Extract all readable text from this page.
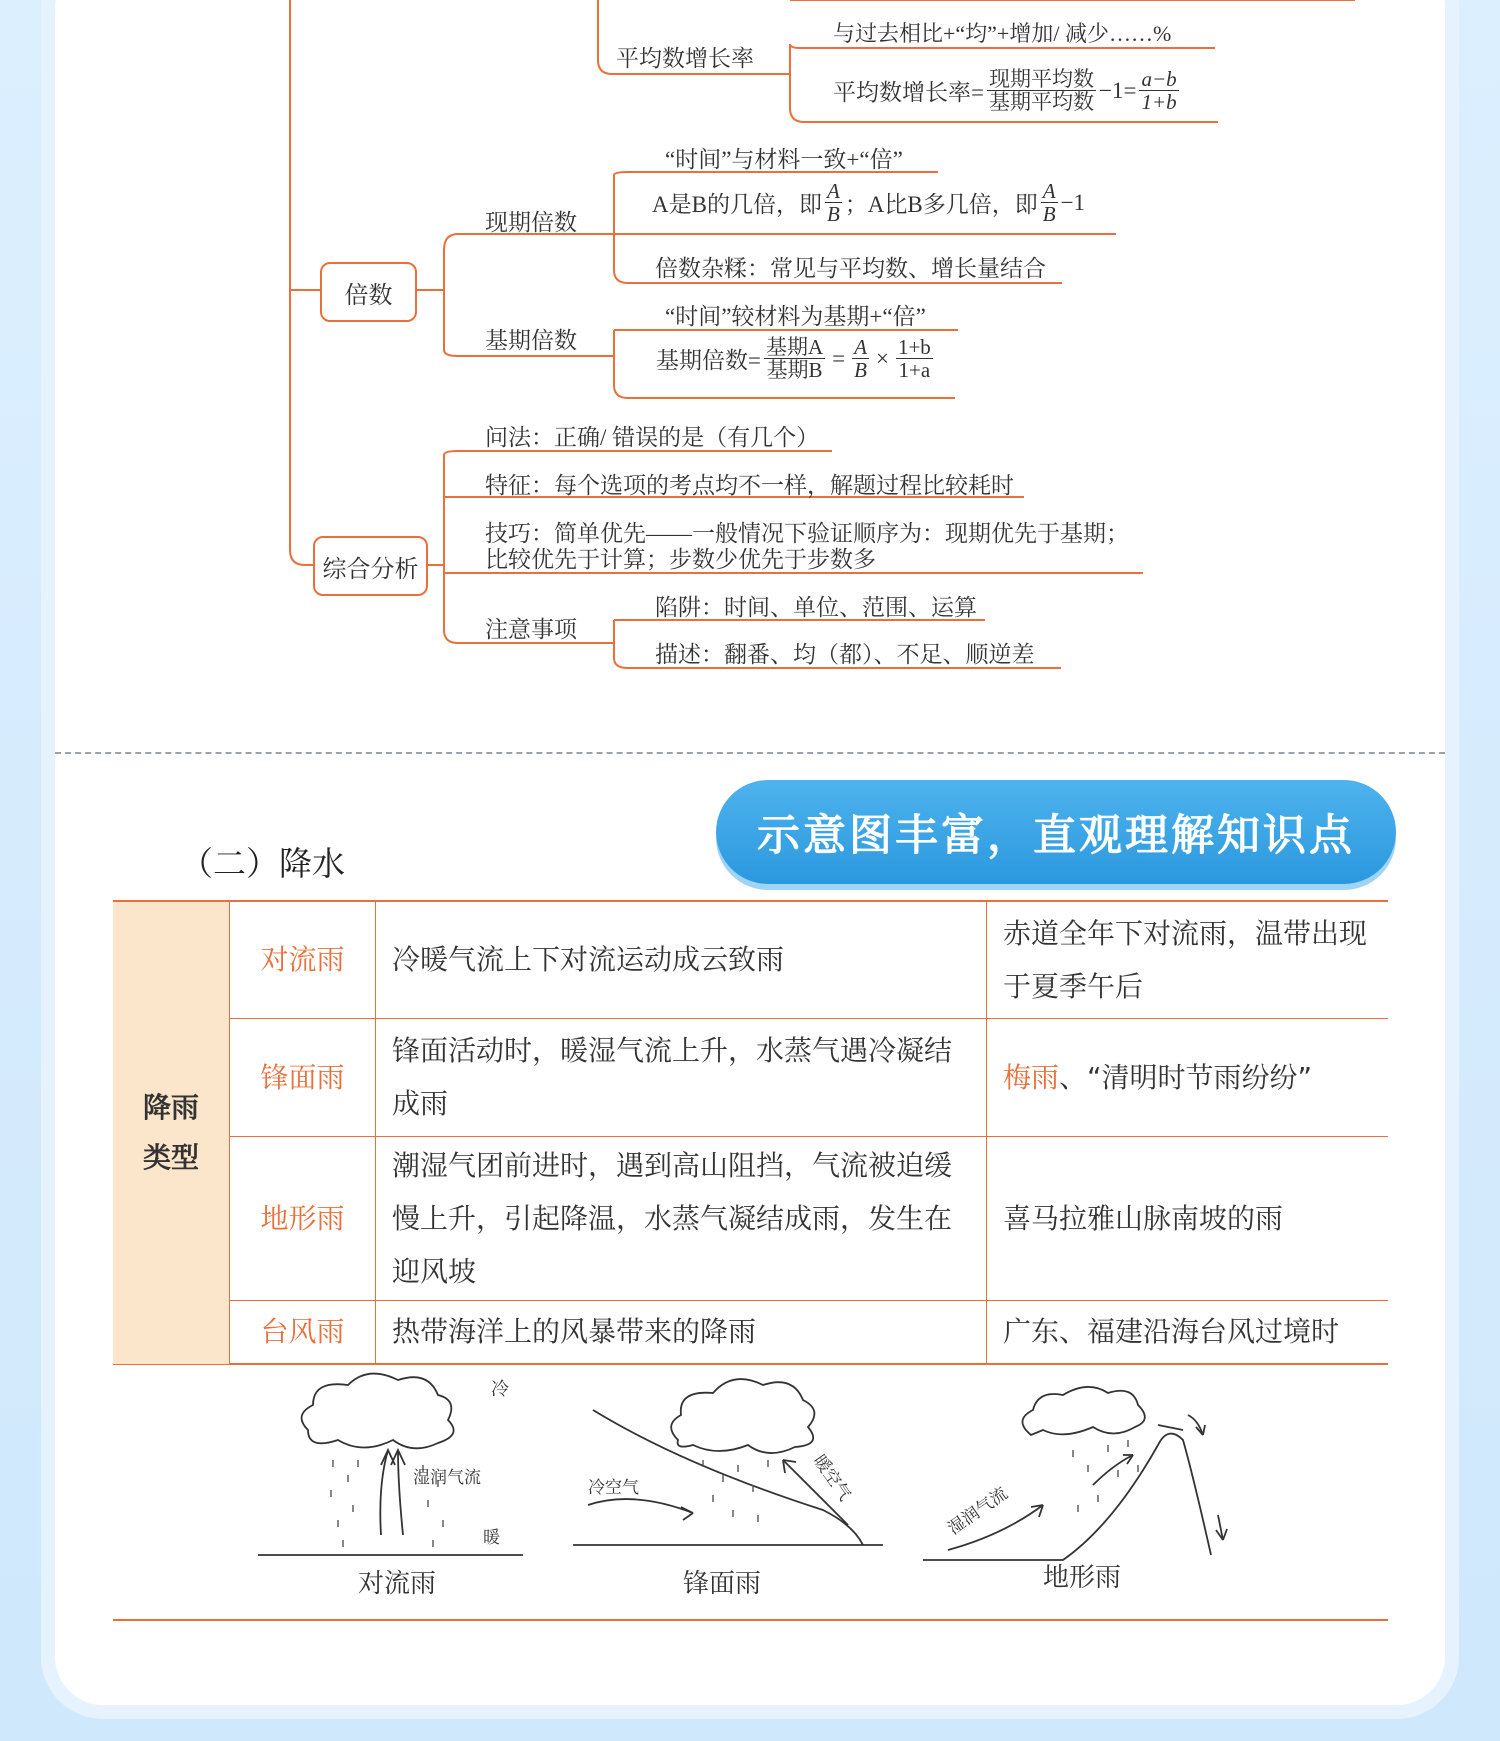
平均数增长率
与过去相比+“均”+增加/ 减少……%
平均数增长率= $\frac{\text{现期平均数}}{\text{基期平均数}} -1= \frac{a-b}{1+b}$
倍数
现期倍数
“时间”与材料一致+“倍”
A是B的几倍，即 $\frac{A}{B}$ ；A比B多几倍，即 $\frac{A}{B} -1$
倍数杂糅：常见与平均数、增长量结合
基期倍数
“时间”较材料为基期+“倍”
基期倍数= $\frac{\text{基期A}}{\text{基期B}} = \frac{A}{B} \times \frac{1+b}{1+a}$
综合分析
问法：正确/ 错误的是（有几个）
特征：每个选项的考点均不一样，解题过程比较耗时
技巧：简单优先——一般情况下验证顺序为：现期优先于基期；
比较优先于计算；步数少优先于步数多
注意事项
陷阱：时间、单位、范围、运算
描述：翻番、均（都）、不足、顺逆差
（二）降水
示意图丰富，直观理解知识点
降雨
类型	对流雨	冷暖气流上下对流运动成云致雨	赤道全年下对流雨，温带出现于夏季午后
	锋面雨	锋面活动时，暖湿气流上升，水蒸气遇冷凝结成雨	梅雨、“清明时节雨纷纷”
	地形雨	潮湿气团前进时，遇到高山阻挡，气流被迫缓慢上升，引起降温，水蒸气凝结成雨，发生在迎风坡	喜马拉雅山脉南坡的雨
	台风雨	热带海洋上的风暴带来的降雨	广东、福建沿海台风过境时
冷
湿润气流
暖
对流雨
冷空气	暖空气
锋面雨
湿润气流
地形雨
